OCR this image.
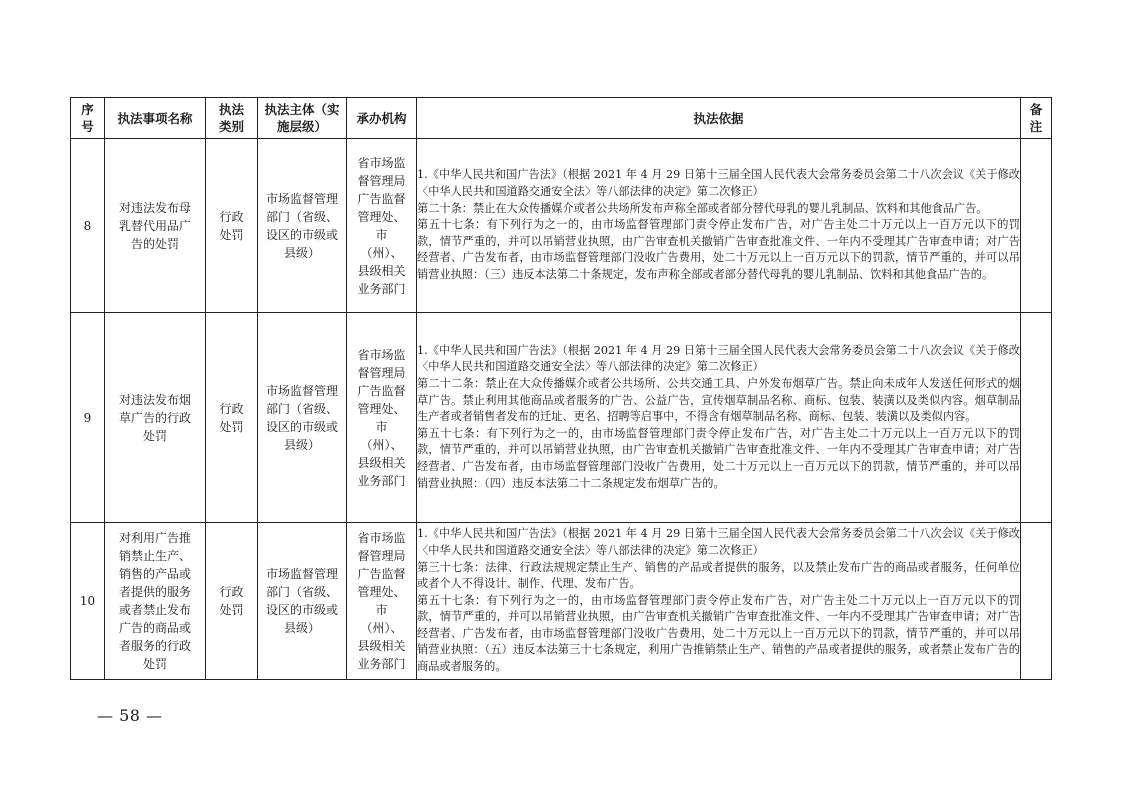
序号	执法事项名称	执法类别	执法主体（实施层级）	承办机构	执法依据	备注

8	对违法发布母乳替代用品广告的处罚	行政处罚	市场监督管理部门（省级、设区的市级或县级）	省市场监督管理局广告监督管理处、市（州）、县级相关业务部门	1.《中华人民共和国广告法》（根据 2021 年 4 月 29 日第十三届全国人民代表大会常务委员会第二十八次会议《关于修改〈中华人民共和国道路交通安全法〉等八部法律的决定》第二次修正）

第二十条：禁止在大众传播媒介或者公共场所发布声称全部或者部分替代母乳的婴儿乳制品、饮料和其他食品广告。

第五十七条：有下列行为之一的，由市场监督管理部门责令停止发布广告，对广告主处二十万元以上一百万元以下的罚款，情节严重的，并可以吊销营业执照，由广告审查机关撤销广告审查批准文件、一年内不受理其广告审查申请；对广告经营者、广告发布者，由市场监督管理部门没收广告费用，处二十万元以上一百万元以下的罚款，情节严重的，并可以吊销营业执照：（三）违反本法第二十条规定，发布声称全部或者部分替代母乳的婴儿乳制品、饮料和其他食品广告的。	

9	对违法发布烟草广告的行政处罚	行政处罚	市场监督管理部门（省级、设区的市级或县级）	省市场监督管理局广告监督管理处、市（州）、县级相关业务部门	1.《中华人民共和国广告法》（根据 2021 年 4 月 29 日第十三届全国人民代表大会常务委员会第二十八次会议《关于修改〈中华人民共和国道路交通安全法〉等八部法律的决定》第二次修正）

第二十二条：禁止在大众传播媒介或者公共场所、公共交通工具、户外发布烟草广告。禁止向未成年人发送任何形式的烟草广告。禁止利用其他商品或者服务的广告、公益广告，宣传烟草制品名称、商标、包装、装潢以及类似内容。烟草制品生产者或者销售者发布的迁址、更名、招聘等启事中，不得含有烟草制品名称、商标、包装、装潢以及类似内容。

第五十七条：有下列行为之一的，由市场监督管理部门责令停止发布广告，对广告主处二十万元以上一百万元以下的罚款，情节严重的，并可以吊销营业执照，由广告审查机关撤销广告审查批准文件、一年内不受理其广告审查申请；对广告经营者、广告发布者，由市场监督管理部门没收广告费用，处二十万元以上一百万元以下的罚款，情节严重的，并可以吊销营业执照：（四）违反本法第二十二条规定发布烟草广告的。	

10	对利用广告推销禁止生产、销售的产品或者提供的服务或者禁止发布广告的商品或者服务的行政处罚	行政处罚	市场监督管理部门（省级、设区的市级或县级）	省市场监督管理局广告监督管理处、市（州）、县级相关业务部门	1.《中华人民共和国广告法》（根据 2021 年 4 月 29 日第十三届全国人民代表大会常务委员会第二十八次会议《关于修改〈中华人民共和国道路交通安全法〉等八部法律的决定》第二次修正）

第三十七条：法律、行政法规规定禁止生产、销售的产品或者提供的服务，以及禁止发布广告的商品或者服务，任何单位或者个人不得设计、制作、代理、发布广告。

第五十七条：有下列行为之一的，由市场监督管理部门责令停止发布广告，对广告主处二十万元以上一百万元以下的罚款，情节严重的，并可以吊销营业执照，由广告审查机关撤销广告审查批准文件、一年内不受理其广告审查申请；对广告经营者、广告发布者，由市场监督管理部门没收广告费用，处二十万元以上一百万元以下的罚款，情节严重的，并可以吊销营业执照：（五）违反本法第三十七条规定，利用广告推销禁止生产、销售的产品或者提供的服务，或者禁止发布广告的商品或者服务的。	

— 58 —
